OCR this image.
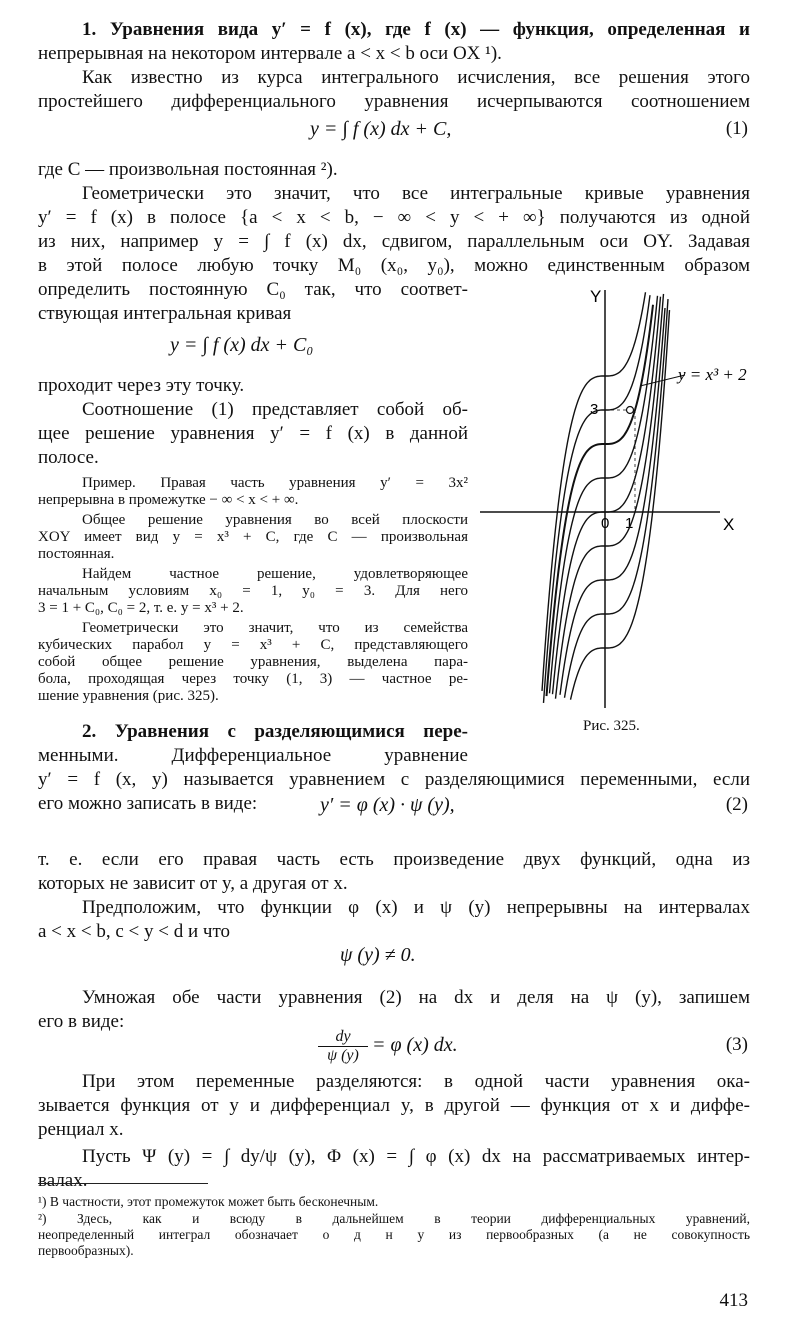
1. Уравнения вида y′ = f (x), где f (x) — функция, определенная и
непрерывная на некотором интервале a < x < b оси OX ¹).
Как известно из курса интегрального исчисления, все решения этого
простейшего дифференциального уравнения исчерпываются соотношением
где C — произвольная постоянная ²).
Геометрически это значит, что все интегральные кривые уравнения
y′ = f (x) в полосе {a < x < b, − ∞ < y < + ∞} получаются из одной
из них, например y = ∫ f (x) dx, сдвигом, параллельным оси OY. Задавая
в этой полосе любую точку M₀ (x₀, y₀), можно единственным образом
определить постоянную C₀ так, что соответ-
ствующая интегральная кривая
проходит через эту точку.
Соотношение (1) представляет собой об-
щее решение уравнения y′ = f (x) в данной
полосе.
2. Уравнения с разделяющимися пере-
менными. Дифференциальное уравнение
y′ = f (x, y) называется уравнением с разделяющимися переменными, если
его можно записать в виде:
т. е. если его правая часть есть произведение двух функций, одна из
которых не зависит от y, а другая от x.
Предположим, что функции φ (x) и ψ (y) непрерывны на интервалах
a < x < b, c < y < d и что
Умножая обе части уравнения (2) на dx и деля на ψ (y), запишем
его в виде:
При этом переменные разделяются: в одной части уравнения ока-
зывается функция от y и дифференциал y, в другой — функция от x и диффе-
ренциал x.
Пусть Ψ (y) = ∫ dy/ψ (y), Φ (x) = ∫ φ (x) dx на рассматриваемых интер-
валах.
Пример. Правая часть уравнения y′ = 3x²
непрерывна в промежутке − ∞ < x < + ∞.
Общее решение уравнения во всей плоскости
XOY имеет вид y = x³ + C, где C — произвольная
постоянная.
Найдем частное решение, удовлетворяющее
начальным условиям x₀ = 1, y₀ = 3. Для него
3 = 1 + C₀, C₀ = 2, т. е. y = x³ + 2.
Геометрически это значит, что из семейства
кубических парабол y = x³ + C, представляющего
собой общее решение уравнения, выделена пара-
бола, проходящая через точку (1, 3) — частное ре-
шение уравнения (рис. 325).
y = ∫ f (x) dx + C,	(1)
y = ∫ f (x) dx + C₀
y′ = φ (x) · ψ (y),	(2)
ψ (y) ≠ 0.
$\frac{dy}{\psi (y)} = \varphi$ (x) dx.	(3)
Y
X
0 1
3
y = x³ + 2
Рис. 325.
¹) В частности, этот промежуток может быть бесконечным.
²) Здесь, как и всюду в дальнейшем в теории дифференциальных уравнений,
неопределенный интеграл обозначает о д н у из первообразных (а не совокупность
первообразных).
413
